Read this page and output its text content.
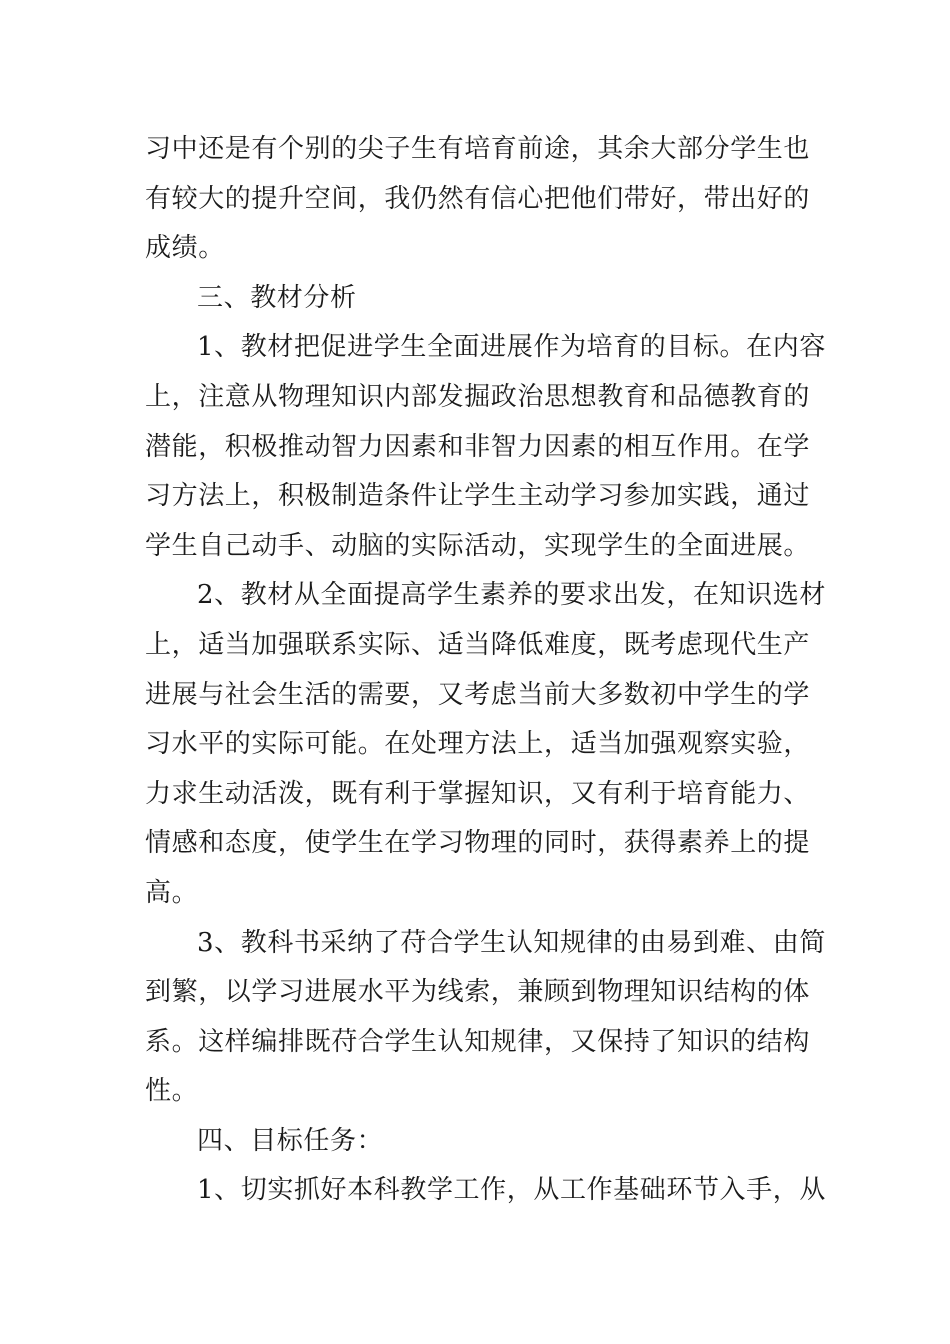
习中还是有个别的尖子生有培育前途，其余大部分学生也
有较大的提升空间，我仍然有信心把他们带好，带出好的
成绩。
三、教材分析
1、教材把促进学生全面进展作为培育的目标。在内容
上，注意从物理知识内部发掘政治思想教育和品德教育的
潜能，积极推动智力因素和非智力因素的相互作用。在学
习方法上，积极制造条件让学生主动学习参加实践，通过
学生自己动手、动脑的实际活动，实现学生的全面进展。
2、教材从全面提高学生素养的要求出发，在知识选材
上，适当加强联系实际、适当降低难度，既考虑现代生产
进展与社会生活的需要，又考虑当前大多数初中学生的学
习水平的实际可能。在处理方法上，适当加强观察实验，
力求生动活泼，既有利于掌握知识，又有利于培育能力、
情感和态度，使学生在学习物理的同时，获得素养上的提
高。
3、教科书采纳了苻合学生认知规律的由易到难、由简
到繁，以学习进展水平为线索，兼顾到物理知识结构的体
系。这样编排既苻合学生认知规律，又保持了知识的结构
性。
四、目标任务：
1、切实抓好本科教学工作，从工作基础环节入手，从
